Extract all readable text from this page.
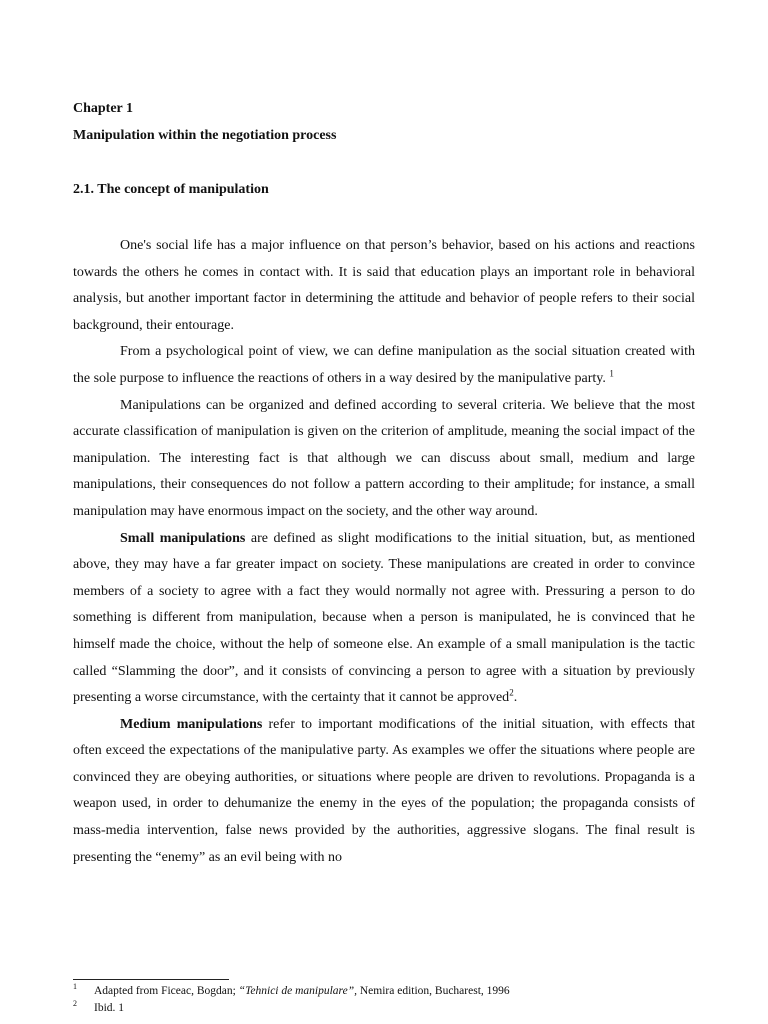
Chapter 1
Manipulation within the negotiation process
2.1. The concept of manipulation

One's social life has a major influence on that person’s behavior, based on his actions and reactions towards the others he comes in contact with. It is said that education plays an important role in behavioral analysis, but another important factor in determining the attitude and behavior of people refers to their social background, their entourage.

From a psychological point of view, we can define manipulation as the social situation created with the sole purpose to influence the reactions of others in a way desired by the manipulative party. $^1$

Manipulations can be organized and defined according to several criteria. We believe that the most accurate classification of manipulation is given on the criterion of amplitude, meaning the social impact of the manipulation. The interesting fact is that although we can discuss about small, medium and large manipulations, their consequences do not follow a pattern according to their amplitude; for instance, a small manipulation may have enormous impact on the society, and the other way around.

Small manipulations are defined as slight modifications to the initial situation, but, as mentioned above, they may have a far greater impact on society. These manipulations are created in order to convince members of a society to agree with a fact they would normally not agree with. Pressuring a person to do something is different from manipulation, because when a person is manipulated, he is convinced that he himself made the choice, without the help of someone else. An example of a small manipulation is the tactic called “Slamming the door”, and it consists of convincing a person to agree with a situation by previously presenting a worse circumstance, with the certainty that it cannot be approved$^2$.

Medium manipulations refer to important modifications of the initial situation, with effects that often exceed the expectations of the manipulative party. As examples we offer the situations where people are convinced they are obeying authorities, or situations where people are driven to revolutions. Propaganda is a weapon used, in order to dehumanize the enemy in the eyes of the population; the propaganda consists of mass-media intervention, false news provided by the authorities, aggressive slogans. The final result is presenting the “enemy” as an evil being with no

1 Adapted from Ficeac, Bogdan; “Tehnici de manipulare”, Nemira edition, Bucharest, 1996
2 Ibid. 1
